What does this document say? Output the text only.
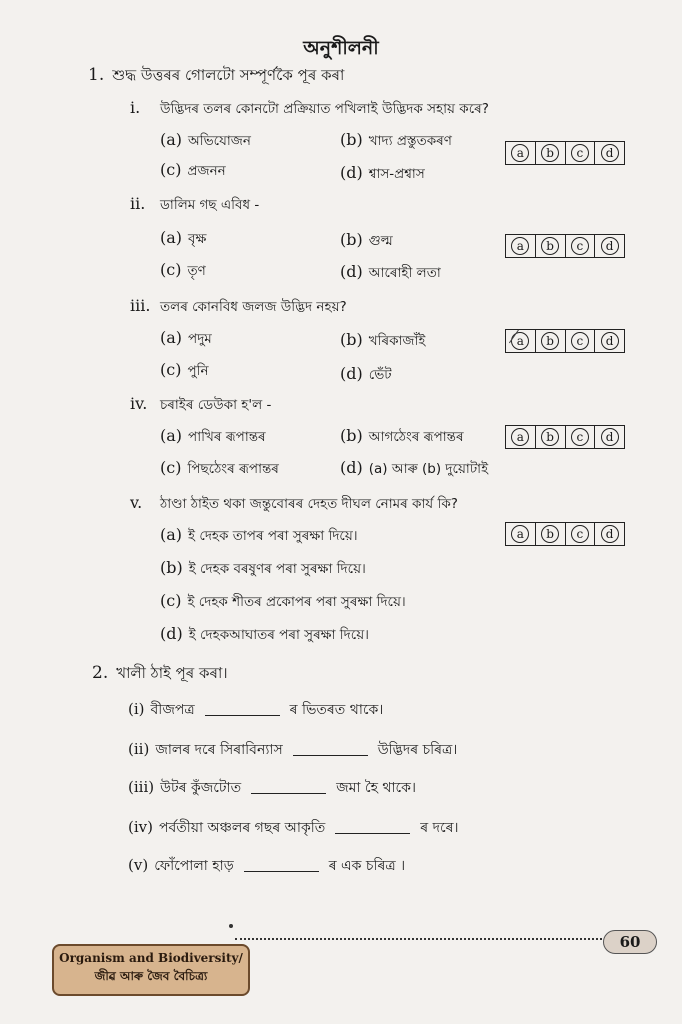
অনুশীলনী
1. শুদ্ধ উত্তৰৰ গোলটো সম্পূৰ্ণকৈ পূৰ কৰা
i. উদ্ভিদৰ তলৰ কোনটো প্ৰক্ৰিয়াত পখিলাই উদ্ভিদক সহায় কৰে?
(a) অভিযোজন	(b) খাদ্য প্ৰস্তুতকৰণ
(c) প্ৰজনন	(d) শ্বাস-প্ৰশ্বাস
a	b	c	d
ii. ডালিম গছ এবিধ -
(a) বৃক্ষ	(b) গুল্ম
(c) তৃণ	(d) আৰোহী লতা
a	b	c	d
iii. তলৰ কোনবিধ জলজ উদ্ভিদ নহয়?
(a) পদুম	(b) খৰিকাজাঁই
(c) পুনি	(d) ভেঁট
a	b	c	d
iv. চৰাইৰ ডেউকা হ'ল -
(a) পাখিৰ ৰূপান্তৰ	(b) আগঠেংৰ ৰূপান্তৰ
(c) পিছঠেংৰ ৰূপান্তৰ	(d) (a) আৰু (b) দুয়োটাই
a	b	c	d
v. ঠাণ্ডা ঠাইত থকা জন্তুবোৰৰ দেহত দীঘল নোমৰ কাৰ্য কি?
(a) ই দেহক তাপৰ পৰা সুৰক্ষা দিয়ে।
(b) ই দেহক বৰষুণৰ পৰা সুৰক্ষা দিয়ে।
(c) ই দেহক শীতৰ প্ৰকোপৰ পৰা সুৰক্ষা দিয়ে।
(d) ই দেহকআঘাতৰ পৰা সুৰক্ষা দিয়ে।
a	b	c	d
2. খালী ঠাই পূৰ কৰা।
(i) বীজপত্ৰ	ৰ ভিতৰত থাকে।
(ii) জালৰ দৰে সিৰাবিন্যাস	উদ্ভিদৰ চৰিত্ৰ।
(iii) উটৰ কুঁজটোত	জমা হৈ থাকে।
(iv) পৰ্বতীয়া অঞ্চলৰ গছৰ আকৃতি	ৰ দৰে।
(v) ফোঁপোলা হাড়	ৰ এক চৰিত্ৰ ।
60
Organism and Biodiversity/
জীৱ আৰু জৈব বৈচিত্ৰ্য
